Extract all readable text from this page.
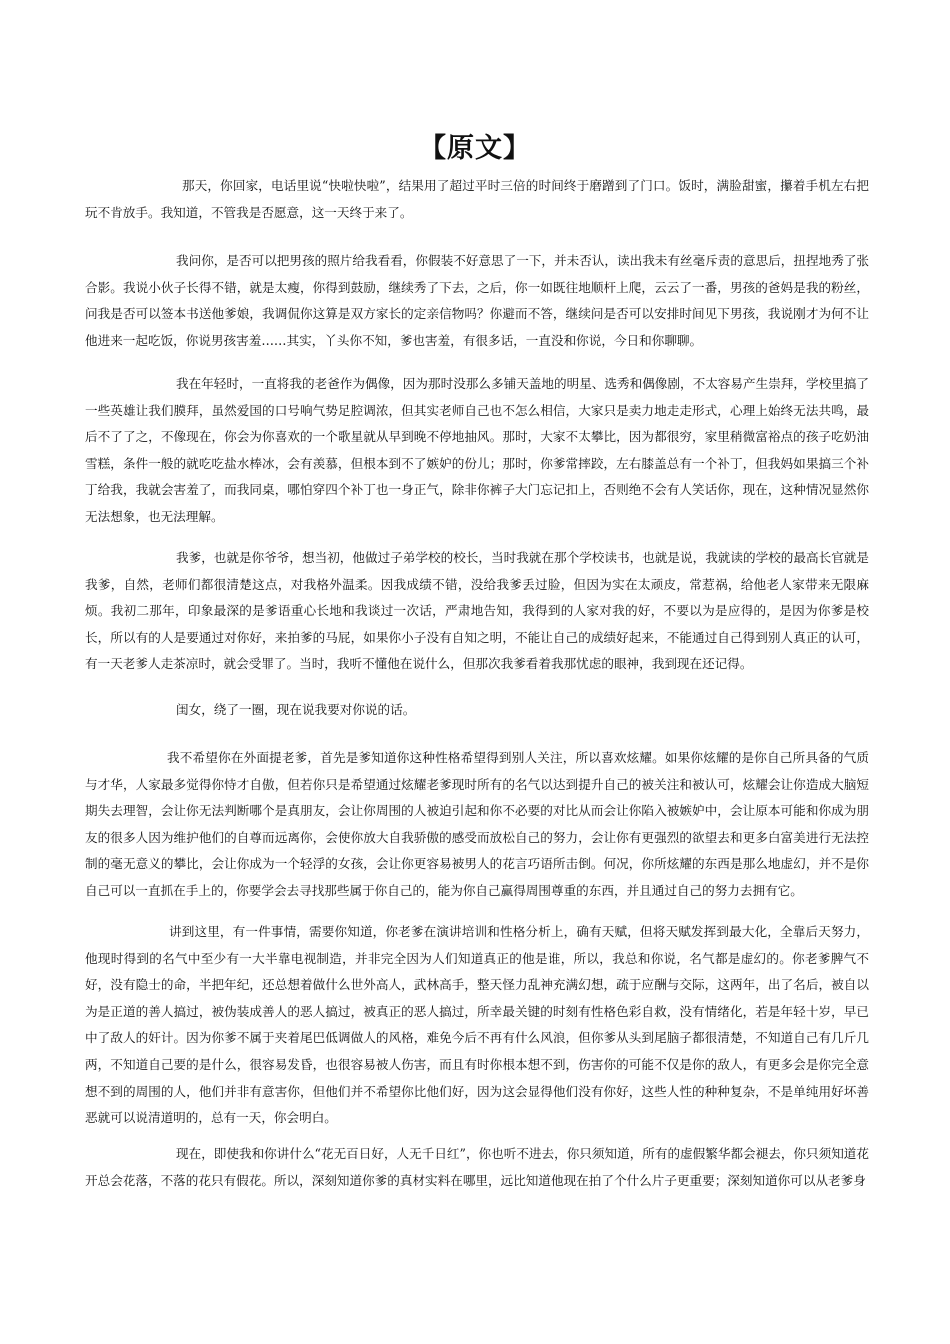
【原文】

那天，你回家，电话里说“快啦快啦”，结果用了超过平时三倍的时间终于磨蹭到了门口。饭时，满脸甜蜜，攥着手机左右把玩不肯放手。我知道，不管我是否愿意，这一天终于来了。

我问你，是否可以把男孩的照片给我看看，你假装不好意思了一下，并未否认，读出我未有丝毫斥责的意思后，扭捏地秀了张合影。我说小伙子长得不错，就是太瘦，你得到鼓励，继续秀了下去，之后，你一如既往地顺杆上爬，云云了一番，男孩的爸妈是我的粉丝，问我是否可以签本书送他爹娘，我调侃你这算是双方家长的定亲信物吗？你避而不答，继续问是否可以安排时间见下男孩，我说刚才为何不让他进来一起吃饭，你说男孩害羞……其实，丫头你不知，爹也害羞，有很多话，一直没和你说，今日和你聊聊。

我在年轻时，一直将我的老爸作为偶像，因为那时没那么多铺天盖地的明星、选秀和偶像剧，不太容易产生崇拜，学校里搞了一些英雄让我们膜拜，虽然爱国的口号响气势足腔调浓，但其实老师自己也不怎么相信，大家只是卖力地走走形式，心理上始终无法共鸣，最后不了了之，不像现在，你会为你喜欢的一个歌星就从早到晚不停地抽风。那时，大家不太攀比，因为都很穷，家里稍微富裕点的孩子吃奶油雪糕，条件一般的就吃吃盐水棒冰，会有羡慕，但根本到不了嫉妒的份儿；那时，你爹常摔跤，左右膝盖总有一个补丁，但我妈如果搞三个补丁给我，我就会害羞了，而我同桌，哪怕穿四个补丁也一身正气，除非你裤子大门忘记扣上，否则绝不会有人笑话你，现在，这种情况显然你无法想象，也无法理解。

我爹，也就是你爷爷，想当初，他做过子弟学校的校长，当时我就在那个学校读书，也就是说，我就读的学校的最高长官就是我爹，自然，老师们都很清楚这点，对我格外温柔。因我成绩不错，没给我爹丢过脸，但因为实在太顽皮，常惹祸，给他老人家带来无限麻烦。我初二那年，印象最深的是爹语重心长地和我谈过一次话，严肃地告知，我得到的人家对我的好，不要以为是应得的，是因为你爹是校长，所以有的人是要通过对你好，来拍爹的马屁，如果你小子没有自知之明，不能让自己的成绩好起来，不能通过自己得到别人真正的认可，有一天老爹人走茶凉时，就会受罪了。当时，我听不懂他在说什么，但那次我爹看着我那忧虑的眼神，我到现在还记得。

闺女，绕了一圈，现在说我要对你说的话。

我不希望你在外面提老爹，首先是爹知道你这种性格希望得到别人关注，所以喜欢炫耀。如果你炫耀的是你自己所具备的气质与才华，人家最多觉得你恃才自傲，但若你只是希望通过炫耀老爹现时所有的名气以达到提升自己的被关注和被认可，炫耀会让你造成大脑短期失去理智，会让你无法判断哪个是真朋友，会让你周围的人被迫引起和你不必要的对比从而会让你陷入被嫉妒中，会让原本可能和你成为朋友的很多人因为维护他们的自尊而远离你，会使你放大自我骄傲的感受而放松自己的努力，会让你有更强烈的欲望去和更多白富美进行无法控制的毫无意义的攀比，会让你成为一个轻浮的女孩，会让你更容易被男人的花言巧语所击倒。何况，你所炫耀的东西是那么地虚幻，并不是你自己可以一直抓在手上的，你要学会去寻找那些属于你自己的，能为你自己赢得周围尊重的东西，并且通过自己的努力去拥有它。

讲到这里，有一件事情，需要你知道，你老爹在演讲培训和性格分析上，确有天赋，但将天赋发挥到最大化，全靠后天努力，他现时得到的名气中至少有一大半靠电视制造，并非完全因为人们知道真正的他是谁，所以，我总和你说，名气都是虚幻的。你老爹脾气不好，没有隐士的命，半把年纪，还总想着做什么世外高人，武林高手，整天怪力乱神充满幻想，疏于应酬与交际，这两年，出了名后，被自以为是正道的善人搞过，被伪装成善人的恶人搞过，被真正的恶人搞过，所幸最关键的时刻有性格色彩自救，没有情绪化，若是年轻十岁，早已中了敌人的奸计。因为你爹不属于夹着尾巴低调做人的风格，难免今后不再有什么风浪，但你爹从头到尾脑子都很清楚，不知道自己有几斤几两，不知道自己要的是什么，很容易发昏，也很容易被人伤害，而且有时你根本想不到，伤害你的可能不仅是你的敌人，有更多会是你完全意想不到的周围的人，他们并非有意害你，但他们并不希望你比他们好，因为这会显得他们没有你好，这些人性的种种复杂，不是单纯用好坏善恶就可以说清道明的，总有一天，你会明白。

现在，即使我和你讲什么“花无百日好，人无千日红”，你也听不进去，你只须知道，所有的虚假繁华都会褪去，你只须知道花开总会花落，不落的花只有假花。所以，深刻知道你爹的真材实料在哪里，远比知道他现在拍了个什么片子更重要；深刻知道你可以从老爹身
